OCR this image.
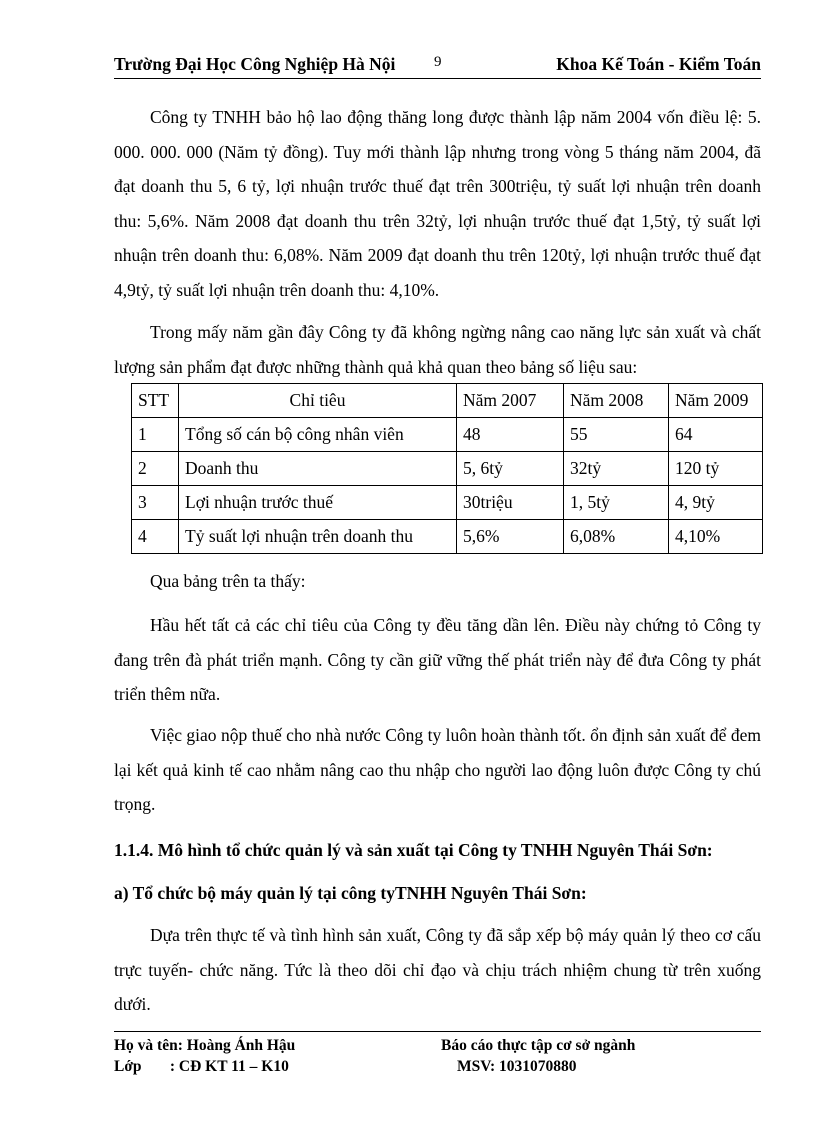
Trường Đại Học Công Nghiệp Hà Nội	9	Khoa Kế Toán - Kiểm Toán

Công ty TNHH bảo hộ lao động thăng long được thành lập năm 2004 vốn điều lệ: 5. 000. 000. 000 (Năm tỷ đồng). Tuy mới thành lập nhưng trong vòng 5 tháng năm 2004, đã đạt doanh thu 5, 6 tỷ, lợi nhuận trước thuế đạt trên 300triệu, tỷ suất lợi nhuận trên doanh thu: 5,6%. Năm 2008 đạt doanh thu trên 32tỷ, lợi nhuận trước thuế đạt 1,5tỷ, tỷ suất lợi nhuận trên doanh thu: 6,08%. Năm 2009 đạt doanh thu trên 120tỷ, lợi nhuận trước thuế đạt 4,9tỷ, tỷ suất lợi nhuận trên doanh thu: 4,10%.

Trong mấy năm gần đây Công ty đã không ngừng nâng cao năng lực sản xuất và chất lượng sản phẩm đạt được những thành quả khả quan theo bảng số liệu sau:

STT	Chỉ tiêu	Năm 2007	Năm 2008	Năm 2009
1	Tổng số cán bộ công nhân viên	48	55	64
2	Doanh thu	5, 6tỷ	32tỷ	120 tỷ
3	Lợi nhuận trước thuế	30triệu	1, 5tỷ	4, 9tỷ
4	Tỷ suất lợi nhuận trên doanh thu	5,6%	6,08%	4,10%

Qua bảng trên ta thấy:

Hầu hết tất cả các chỉ tiêu của Công ty đều tăng dần lên. Điều này chứng tỏ Công ty đang trên đà phát triển mạnh. Công ty cần giữ vững thế phát triển này để đưa Công ty phát triển thêm nữa.

Việc giao nộp thuế cho nhà nước Công ty luôn hoàn thành tốt. ổn định sản xuất để đem lại kết quả kinh tế cao nhằm nâng cao thu nhập cho người lao động luôn được Công ty chú trọng.

1.1.4. Mô hình tổ chức quản lý và sản xuất tại Công ty TNHH Nguyên Thái Sơn:

a) Tổ chức bộ máy quản lý tại công tyTNHH Nguyên Thái Sơn:

Dựa trên thực tế và tình hình sản xuất, Công ty đã sắp xếp bộ máy quản lý theo cơ cấu trực tuyến- chức năng. Tức là theo dõi chỉ đạo và chịu trách nhiệm chung từ trên xuống dưới.

Họ và tên: Hoàng Ánh Hậu	Báo cáo thực tập cơ sở ngành
Lớp : CĐ KT 11 – K10	MSV: 1031070880
